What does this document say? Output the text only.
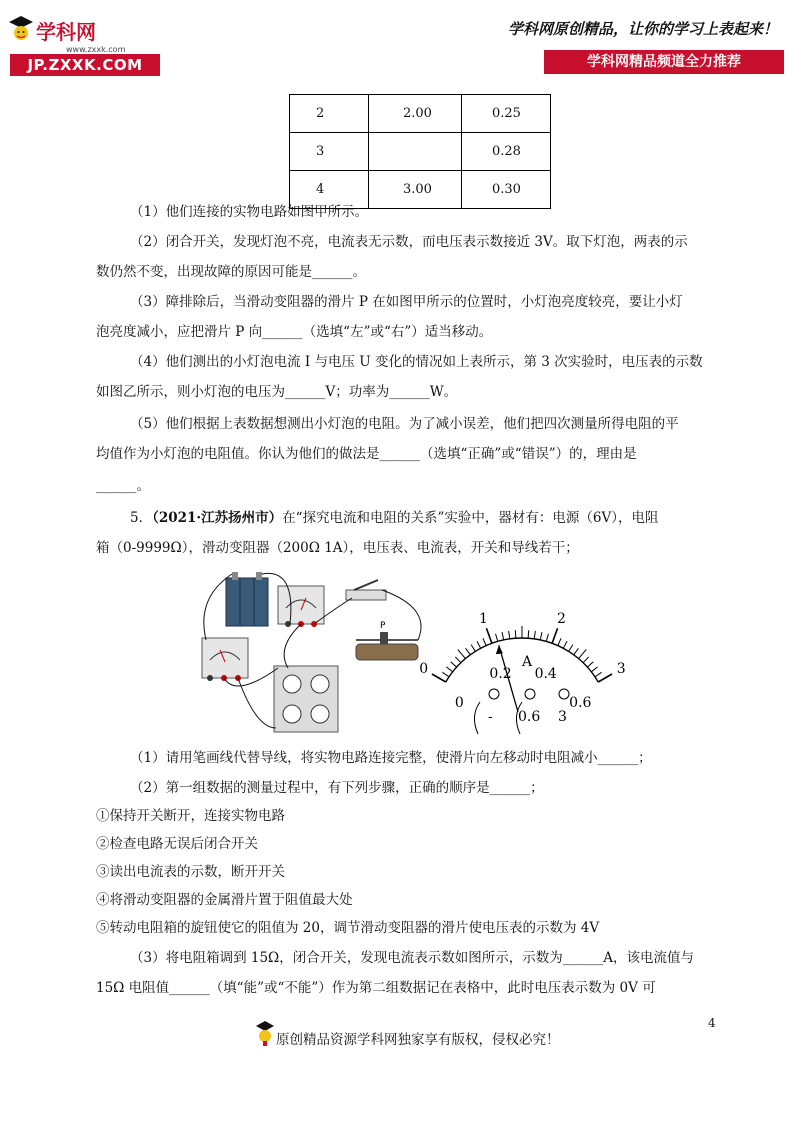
学科网
www.zxxk.com
JP.ZXXK.COM
学科网原创精品，让你的学习上表起来！
学科网精品频道全力推荐
2	2.00	0.25
3		0.28
4	3.00	0.30
（1）他们连接的实物电路如图甲所示。
（2）闭合开关，发现灯泡不亮，电流表无示数，而电压表示数接近 3V。取下灯泡，两表的示
数仍然不变，出现故障的原因可能是______。
（3）障排除后，当滑动变阻器的滑片 P 在如图甲所示的位置时，小灯泡亮度较亮，要让小灯
泡亮度减小，应把滑片 P 向______（选填“左”或“右”）适当移动。
（4）他们测出的小灯泡电流 I 与电压 U 变化的情况如上表所示，第 3 次实验时，电压表的示数
如图乙所示，则小灯泡的电压为______V；功率为______W。
（5）他们根据上表数据想测出小灯泡的电阻。为了减小误差，他们把四次测量所得电阻的平
均值作为小灯泡的电阻值。你认为他们的做法是______（选填“正确”或“错误”）的，理由是
______。
5．（2021·江苏扬州市）在“探究电流和电阻的关系”实验中，器材有：电源（6V），电阻
箱（0-9999Ω），滑动变阻器（200Ω 1A），电压表、电流表，开关和导线若干；
P
0
1	2
3
0
0.2 0.4
0.6
A
- 0.6 3
（1）请用笔画线代替导线，将实物电路连接完整，使滑片向左移动时电阻减小______；
（2）第一组数据的测量过程中，有下列步骤，正确的顺序是______；
①保持开关断开，连接实物电路
②检查电路无误后闭合开关
③读出电流表的示数，断开开关
④将滑动变阻器的金属滑片置于阻值最大处
⑤转动电阻箱的旋钮使它的阻值为 20，调节滑动变阻器的滑片使电压表的示数为 4V
（3）将电阻箱调到 15Ω，闭合开关，发现电流表示数如图所示，示数为______A，该电流值与
15Ω 电阻值______（填“能”或“不能”）作为第二组数据记在表格中，此时电压表示数为 0V 可
4
原创精品资源学科网独家享有版权，侵权必究！
